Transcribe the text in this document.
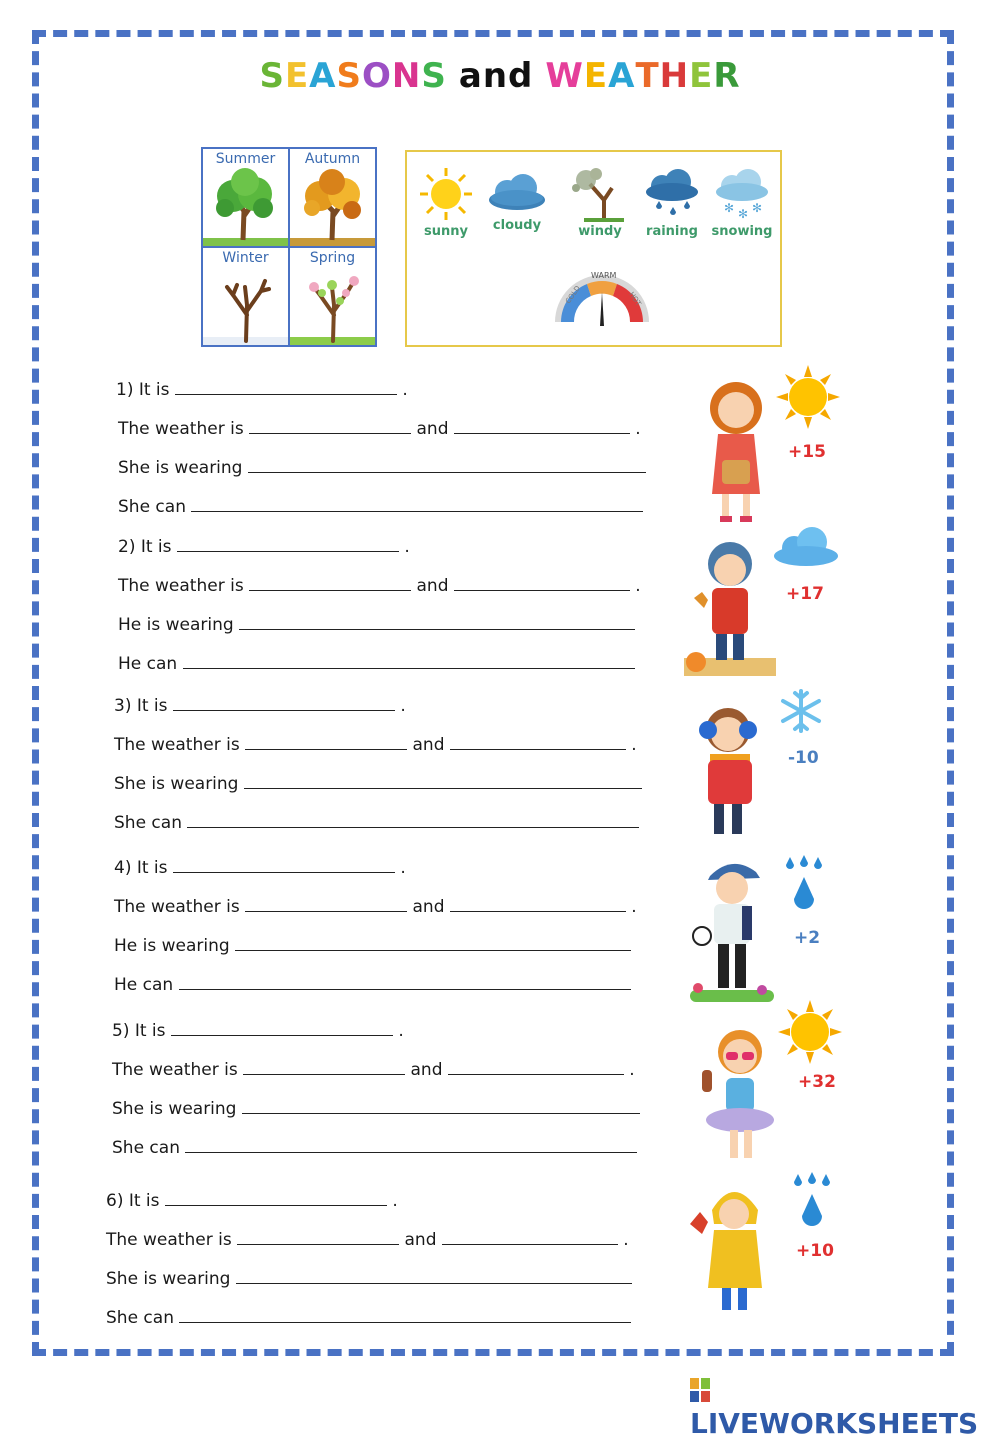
SEASONS and WEATHER
Summer	Autumn
Winter	Spring
sunny	cloudy	windy	raining
✻ ✻ ✻
snowing
COLD
WARM
HOT
1) It is	.
The weather is	and	.
She is wearing
She can
+15
2) It is	.
The weather is	and	.
He is wearing
He can
+17
3) It is	.
The weather is	and	.
She is wearing
She can
-10
4) It is	.
The weather is	and	.
He is wearing
He can
+2
5) It is	.
The weather is	and	.
She is wearing
She can
+32
6) It is	.
The weather is	and	.
She is wearing
She can
+10
LIVEWORKSHEETS
